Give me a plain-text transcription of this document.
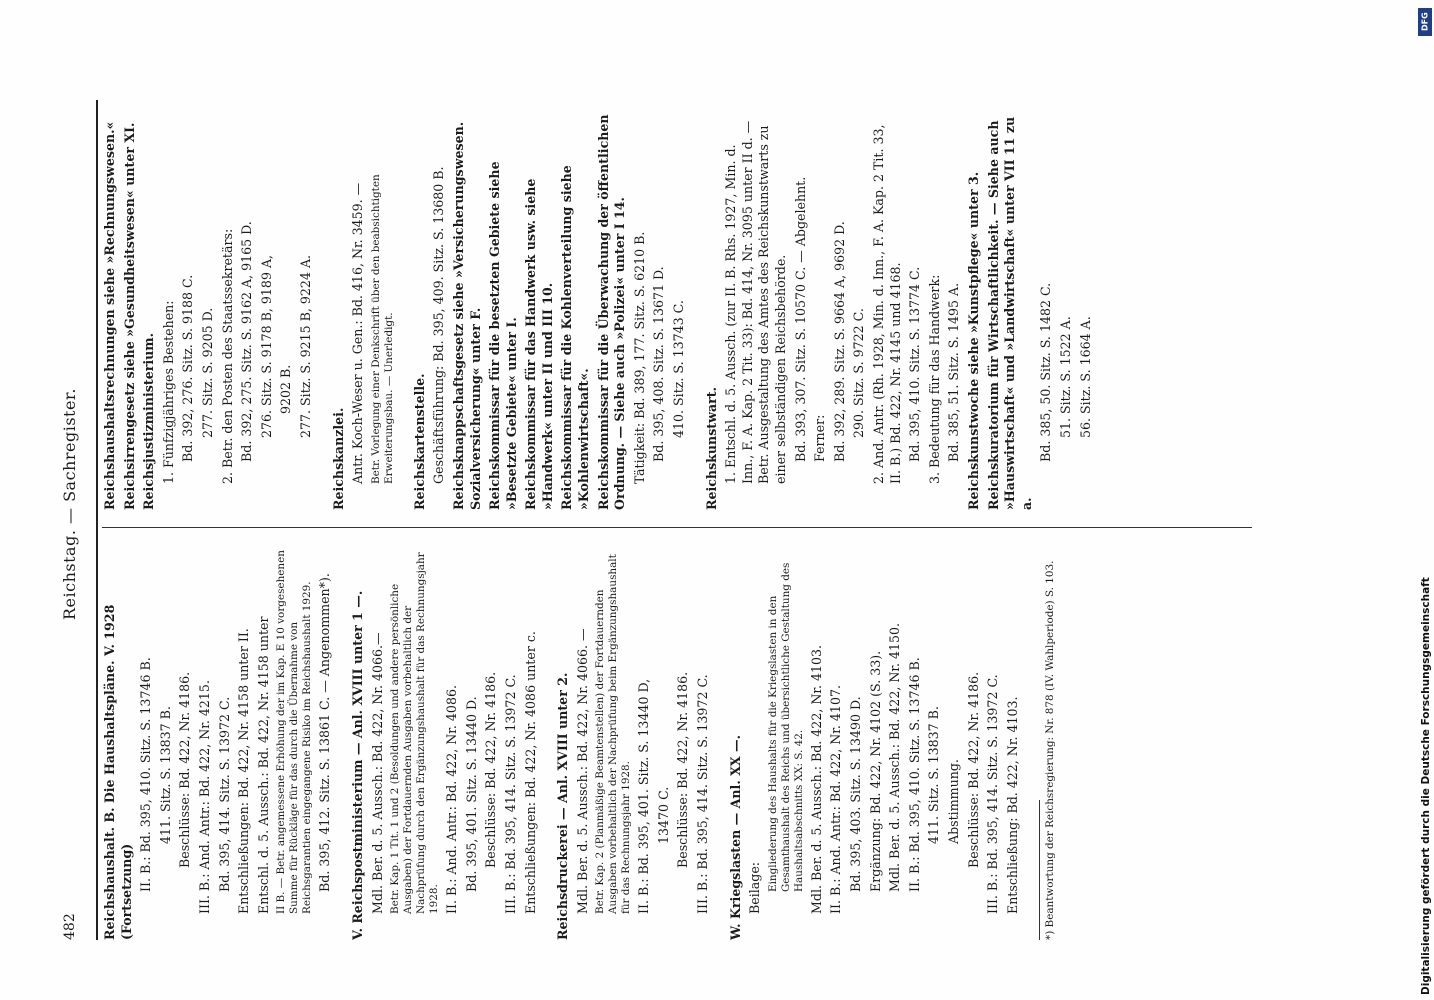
482
Reichstag. — Sachregister.
Reichshaushalt. B. Die Haushaltspläne. V. 1928 (Fortsetzung) II. B.: Bd. 395, 410. Sitz. S. 13746 B. 411. Sitz. S. 13837 B. Beschlüsse: Bd. 422, Nr. 4186. III. B.: And. Antr.: Bd. 422, Nr. 4215. Bd. 395, 414. Sitz. S. 13972 C. Entschließungen: Bd. 422, Nr. 4158 unter II. Entschl. d. 5. Aussch.: Bd. 422, Nr. 4158 unter II B. — Betr. angemessene Erhöhung der im Kap. E 10 vorgesehenen Summe für Rückläge für das durch die Übernahme von Reichsgarantien eingegangene Risiko im Reichshaushalt 1929. Bd. 395, 412. Sitz. S. 13861 C. — Angenommen*). V. Reichspostministerium — Anl. XVIII unter 1 —. Mdl. Ber. d. 5. Aussch.: Bd. 422, Nr. 4066.— Betr. Kap. 1 Tit. 1 und 2 (Besoldungen und andere persönliche Ausgaben) der Fortdauernden Ausgaben vorbehaltlich der Nachprüfung durch den Ergänzungshaushalt für das Rechnungsjahr 1928. II. B.: And. Antr.: Bd. 422, Nr. 4086. Bd. 395, 401. Sitz. S. 13440 D. Beschlüsse: Bd. 422, Nr. 4186. III. B.: Bd. 395, 414. Sitz. S. 13972 C. Entschließungen: Bd. 422, Nr. 4086 unter c. Reichsdruckerei — Anl. XVIII unter 2. Mdl. Ber. d. 5. Aussch.: Bd. 422, Nr. 4066. — Betr. Kap. 2 (Planmäßige Beamtenstellen) der Fortdauernden Ausgaben vorbehaltlich der Nachprüfung beim Ergänzungshaushalt für das Rechnungsjahr 1928. II. B.: Bd. 395, 401. Sitz. S. 13440 D, 13470 C. Beschlüsse: Bd. 422, Nr. 4186. III. B.: Bd. 395, 414. Sitz. S. 13972 C. W. Kriegslasten — Anl. XX —. Beilage: Eingliederung des Haushalts für die Kriegslasten in den Gesamthaushalt des Reichs und übersichtliche Gestaltung des Haushaltsabschnitts XX: S. 42. Mdl. Ber. d. 5. Aussch.: Bd. 422, Nr. 4103. II. B.: And. Antr.: Bd. 422, Nr. 4107. Bd. 395, 403. Sitz. S. 13490 D. Ergänzung: Bd. 422, Nr. 4102 (S. 33). Mdl. Ber. d. 5. Aussch.: Bd. 422, Nr. 4150. II. B.: Bd. 395, 410. Sitz. S. 13746 B. 411. Sitz. S. 13837 B. Abstimmung. Beschlüsse: Bd. 422, Nr. 4186. III. B.: Bd. 395, 414. Sitz. S. 13972 C. Entschließung: Bd. 422, Nr. 4103. *) Beantwortung der Reichsregierung: Nr. 878 (IV. Wahlperiode) S. 103.
Reichshaushaltsrechnungen siehe »Rechnungswesen.« Reichsirrengesetz siehe »Gesundheitswesen« unter XI. Reichsjustizministerium. 1. Fünfzigjähriges Bestehen: Bd. 392, 276. Sitz. S. 9188 C. 277. Sitz. S. 9205 D. 2. Betr. den Posten des Staatssekretärs: Bd. 392, 275. Sitz. S. 9162 A, 9165 D. 276. Sitz. S. 9178 B, 9189 A, 9202 B. 277. Sitz. S. 9215 B, 9224 A.
Reichskanzlei. Antr. Koch-Weser u. Gen.: Bd. 416, Nr. 3459. — Betr. Vorlegung einer Denkschrift über den beabsichtigten Erweiterungsbau. — Unerledigt. Reichskartenstelle. Geschäftsführung: Bd. 395, 409. Sitz. S. 13680 B. Reichsknappschaftsgesetz siehe »Versicherungswesen. Sozialversicherung« unter F. Reichskommissar für die besetzten Gebiete siehe »Besetzte Gebiete« unter I. Reichskommissar für das Handwerk usw. siehe »Handwerk« unter II und III 10. Reichskommissar für die Kohlenverteilung siehe »Kohlenwirtschaft«. Reichskommissar für die Überwachung der öffentlichen Ordnung. — Siehe auch »Polizei« unter I 14. Tätigkeit: Bd. 389, 177. Sitz. S. 6210 B. Bd. 395, 408. Sitz. S. 13671 D. 410. Sitz. S. 13743 C.
Reichskunstwart. 1. Entschl. d. 5. Aussch. (zur II. B. Rhs. 1927, Min. d. Inn., F. A. Kap. 2 Tit. 33): Bd. 414, Nr. 3095 unter II d. — Betr. Ausgestaltung des Amtes des Reichskunstwarts zu einer selbständigen Reichsbehörde. Bd. 393, 307. Sitz. S. 10570 C. — Abgelehnt. Ferner: Bd. 392, 289. Sitz. S. 9664 A, 9692 D. 290. Sitz. S. 9722 C. 2. And. Antr. (Rh. 1928, Min. d. Inn., F. A. Kap. 2 Tit. 33, II. B.) Bd. 422, Nr. 4145 und 4168. Bd. 395, 410. Sitz. S. 13774 C. 3. Bedeutung für das Handwerk: Bd. 385, 51. Sitz. S. 1495 A. Reichskunstwoche siehe »Kunstpflege« unter 3. Reichskuratorium für Wirtschaftlichkeit. — Siehe auch »Hauswirtschaft« und »Landwirtschaft« unter VII 11 zu a.
Bd. 385, 50. Sitz. S. 1482 C. 51. Sitz. S. 1522 A. 56. Sitz. S. 1664 A.
DFG
Digitalisierung gefördert durch die Deutsche Forschungsgemeinschaft
